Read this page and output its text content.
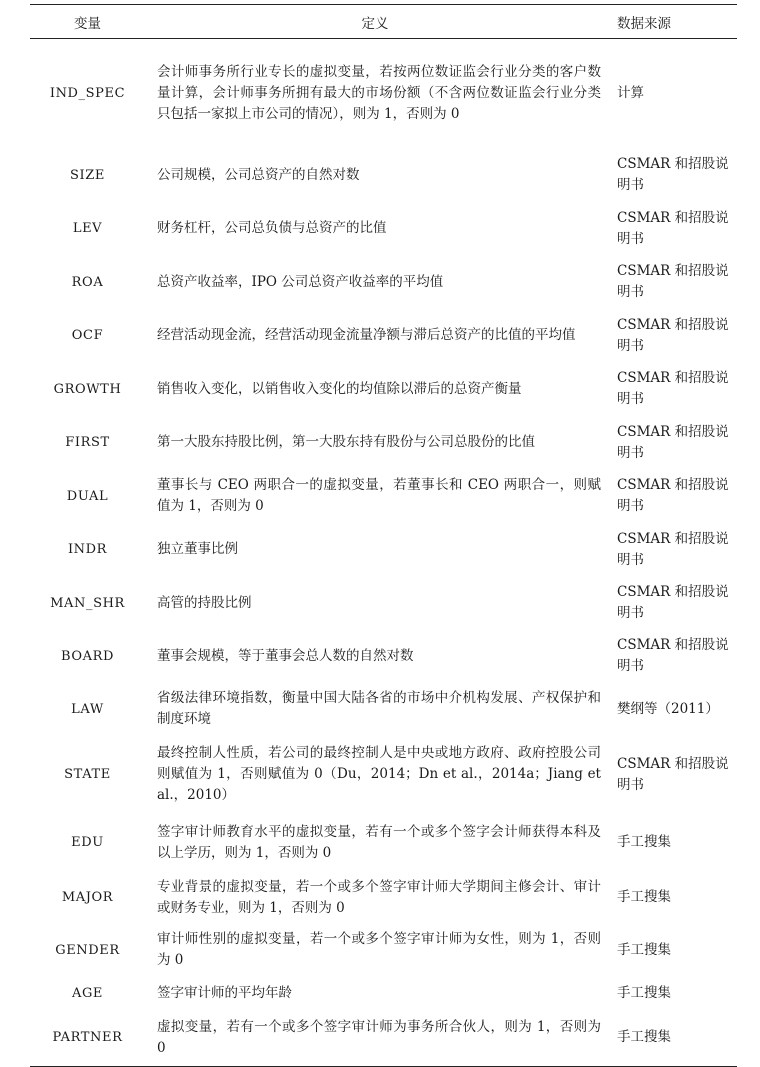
变量	定义	数据来源
IND_SPEC	会计师事务所行业专长的虚拟变量，若按两位数证监会行业分类的客户数量计算，会计师事务所拥有最大的市场份额（不含两位数证监会行业分类只包括一家拟上市公司的情况），则为 1，否则为 0	计算
SIZE	公司规模，公司总资产的自然对数	CSMAR 和招股说明书
LEV	财务杠杆，公司总负债与总资产的比值	CSMAR 和招股说明书
ROA	总资产收益率，IPO 公司总资产收益率的平均值	CSMAR 和招股说明书
OCF	经营活动现金流，经营活动现金流量净额与滞后总资产的比值的平均值	CSMAR 和招股说明书
GROWTH	销售收入变化，以销售收入变化的均值除以滞后的总资产衡量	CSMAR 和招股说明书
FIRST	第一大股东持股比例，第一大股东持有股份与公司总股份的比值	CSMAR 和招股说明书
DUAL	董事长与 CEO 两职合一的虚拟变量，若董事长和 CEO 两职合一，则赋值为 1，否则为 0	CSMAR 和招股说明书
INDR	独立董事比例	CSMAR 和招股说明书
MAN_SHR	高管的持股比例	CSMAR 和招股说明书
BOARD	董事会规模，等于董事会总人数的自然对数	CSMAR 和招股说明书
LAW	省级法律环境指数，衡量中国大陆各省的市场中介机构发展、产权保护和制度环境	樊纲等（2011）
STATE	最终控制人性质，若公司的最终控制人是中央或地方政府、政府控股公司则赋值为 1，否则赋值为 0（Du，2014；Dn et al.，2014a；Jiang et al.，2010）	CSMAR 和招股说明书
EDU	签字审计师教育水平的虚拟变量，若有一个或多个签字会计师获得本科及以上学历，则为 1，否则为 0	手工搜集
MAJOR	专业背景的虚拟变量，若一个或多个签字审计师大学期间主修会计、审计或财务专业，则为 1，否则为 0	手工搜集
GENDER	审计师性别的虚拟变量，若一个或多个签字审计师为女性，则为 1，否则为 0	手工搜集
AGE	签字审计师的平均年龄	手工搜集
PARTNER	虚拟变量，若有一个或多个签字审计师为事务所合伙人，则为 1，否则为 0	手工搜集
